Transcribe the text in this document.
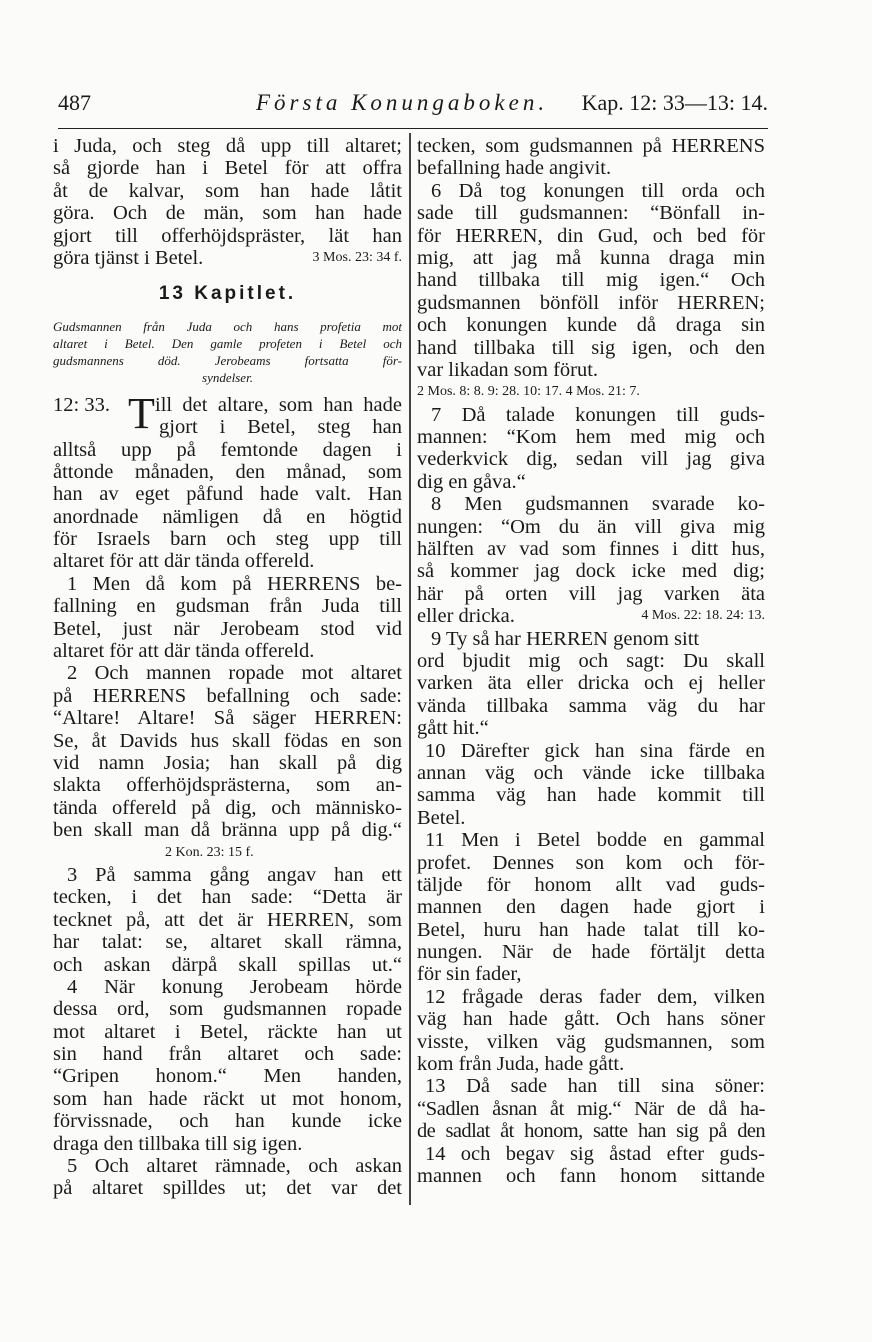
487	Första Konungaboken. Kap. 12: 33—13: 14.
i Juda, och steg då upp till altaret;
så gjorde han i Betel för att offra
åt de kalvar, som han hade låtit
göra. Och de män, som han hade
gjort till offerhöjdspräster, lät han
göra tjänst i Betel.	3 Mos. 23: 34 f.
13 Kapitlet.
Gudsmannen från Juda och hans profetia mot
altaret i Betel. Den gamle profeten i Betel och
gudsmannens död. Jerobeams fortsatta för-
syndelser.
12: 33. T ill det altare, som han hade
gjort i Betel, steg han
alltså upp på femtonde dagen i
åttonde månaden, den månad, som
han av eget påfund hade valt. Han
anordnade nämligen då en högtid
för Israels barn och steg upp till
altaret för att där tända offereld.
1 Men då kom på HERRENS be-
fallning en gudsman från Juda till
Betel, just när Jerobeam stod vid
altaret för att där tända offereld.
2 Och mannen ropade mot altaret
på HERRENS befallning och sade:
“Altare! Altare! Så säger HERREN:
Se, åt Davids hus skall födas en son
vid namn Josia; han skall på dig
slakta offerhöjdsprästerna, som an-
tända offereld på dig, och människo-
ben skall man då bränna upp på dig.“
2 Kon. 23: 15 f.
3 På samma gång angav han ett
tecken, i det han sade: “Detta är
tecknet på, att det är HERREN, som
har talat: se, altaret skall rämna,
och askan därpå skall spillas ut.“
4 När konung Jerobeam hörde
dessa ord, som gudsmannen ropade
mot altaret i Betel, räckte han ut
sin hand från altaret och sade:
“Gripen honom.“ Men handen,
som han hade räckt ut mot honom,
förvissnade, och han kunde icke
draga den tillbaka till sig igen.
5 Och altaret rämnade, och askan
på altaret spilldes ut; det var det
tecken, som gudsmannen på HERRENS
befallning hade angivit.
6 Då tog konungen till orda och
sade till gudsmannen: “Bönfall in-
för HERREN, din Gud, och bed för
mig, att jag må kunna draga min
hand tillbaka till mig igen.“ Och
gudsmannen bönföll inför HERREN;
och konungen kunde då draga sin
hand tillbaka till sig igen, och den
var likadan som förut.
2 Mos. 8: 8. 9: 28. 10: 17. 4 Mos. 21: 7.
7 Då talade konungen till guds-
mannen: “Kom hem med mig och
vederkvick dig, sedan vill jag giva
dig en gåva.“
8 Men gudsmannen svarade ko-
nungen: “Om du än vill giva mig
hälften av vad som finnes i ditt hus,
så kommer jag dock icke med dig;
här på orten vill jag varken äta
eller dricka.	4 Mos. 22: 18. 24: 13.
9 Ty så har HERREN genom sitt
ord bjudit mig och sagt: Du skall
varken äta eller dricka och ej heller
vända tillbaka samma väg du har
gått hit.“
10 Därefter gick han sina färde en
annan väg och vände icke tillbaka
samma väg han hade kommit till
Betel.
11 Men i Betel bodde en gammal
profet. Dennes son kom och för-
täljde för honom allt vad guds-
mannen den dagen hade gjort i
Betel, huru han hade talat till ko-
nungen. När de hade förtäljt detta
för sin fader,
12 frågade deras fader dem, vilken
väg han hade gått. Och hans söner
visste, vilken väg gudsmannen, som
kom från Juda, hade gått.
13 Då sade han till sina söner:
“Sadlen åsnan åt mig.“ När de då ha-
de sadlat åt honom, satte han sig på den
14 och begav sig åstad efter guds-
mannen och fann honom sittande
